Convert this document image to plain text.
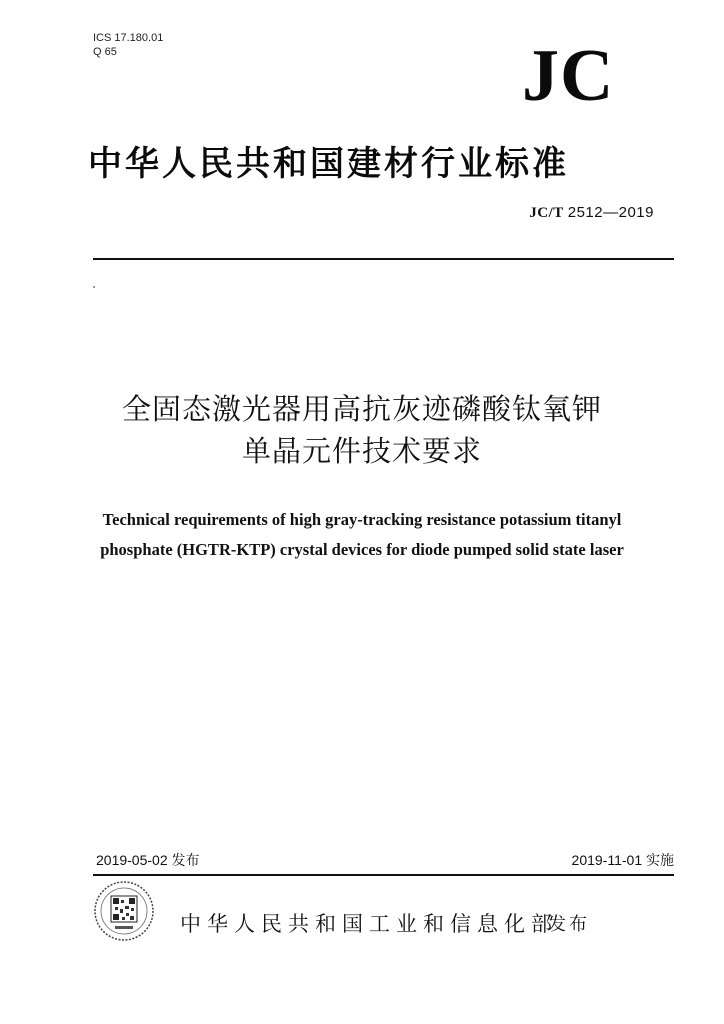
ICS 17.180.01
Q 65	JC
中华人民共和国建材行业标准
JC/T 2512—2019
全固态激光器用高抗灰迹磷酸钛氧钾
单晶元件技术要求
Technical requirements of high gray-tracking resistance potassium titanyl
phosphate (HGTR-KTP) crystal devices for diode pumped solid state laser
2019-05-02 发布	2019-11-01 实施
中华人民共和国工业和信息化部
发布
